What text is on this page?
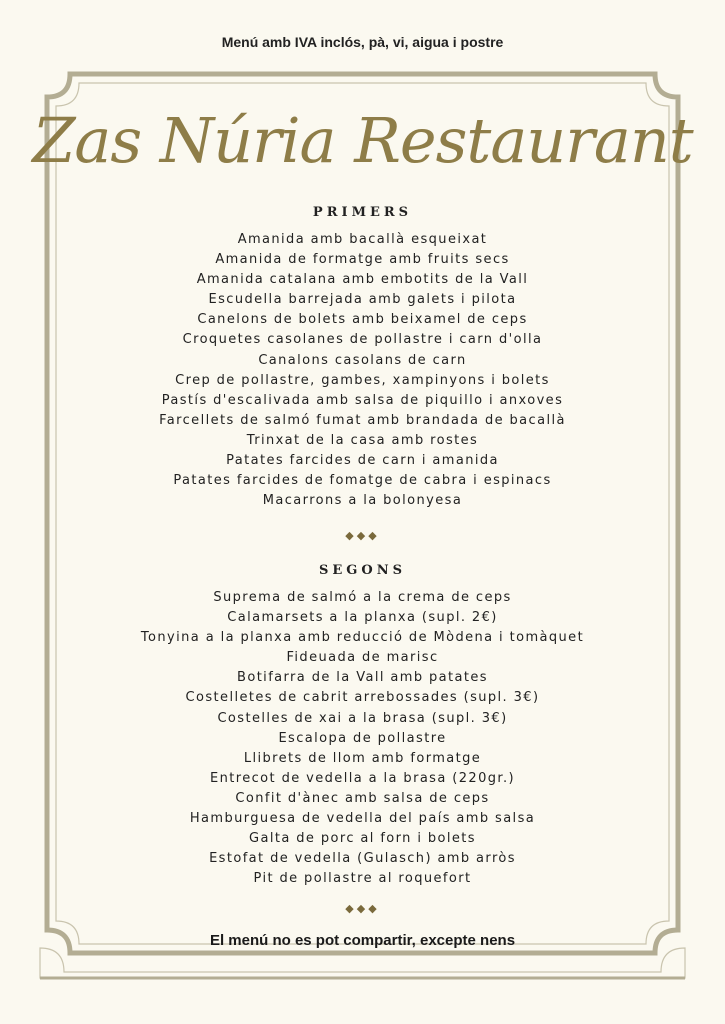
Menú amb IVA inclós, pà, vi, aigua i postre
Zas Núria Restaurant
PRIMERS
Amanida amb bacallà esqueixat
Amanida de formatge amb fruits secs
Amanida catalana amb embotits de la Vall
Escudella barrejada amb galets i pilota
Canelons de bolets amb beixamel de ceps
Croquetes casolanes de pollastre i carn d'olla
Canalons casolans de carn
Crep de pollastre, gambes, xampinyons i bolets
Pastís d'escalivada amb salsa de piquillo i anxoves
Farcellets de salmó fumat amb brandada de bacallà
Trinxat de la casa amb rostes
Patates farcides de carn i amanida
Patates farcides de fomatge de cabra i espinacs
Macarrons a la bolonyesa
◆◆◆
SEGONS
Suprema de salmó a la crema de ceps
Calamarsets a la planxa (supl. 2€)
Tonyina a la planxa amb reducció de Mòdena i tomàquet
Fideuada de marisc
Botifarra de la Vall amb patates
Costelletes de cabrit arrebossades (supl. 3€)
Costelles de xai a la brasa (supl. 3€)
Escalopa de pollastre
Llibrets de llom amb formatge
Entrecot de vedella a la brasa (220gr.)
Confit d'ànec amb salsa de ceps
Hamburguesa de vedella del país amb salsa
Galta de porc al forn i bolets
Estofat de vedella (Gulasch) amb arròs
Pit de pollastre al roquefort
◆◆◆
El menú no es pot compartir, excepte nens
